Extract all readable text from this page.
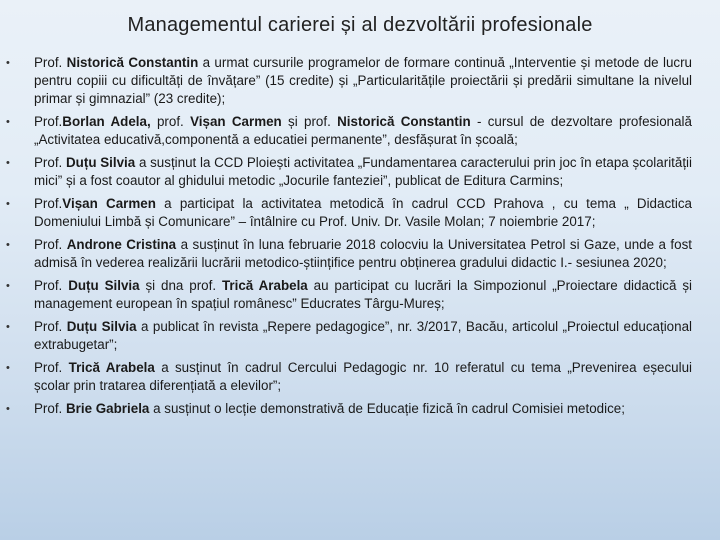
Managementul carierei și al dezvoltării profesionale
•	Prof. Nistorică Constantin a urmat cursurile programelor de formare continuă „Interventie și metode de lucru pentru copiii cu dificultăți de învățare” (15 credite) și „Particularitățile proiectării și predării simultane la nivelul primar și gimnazial” (23 credite);
•	Prof.Borlan Adela, prof. Vișan Carmen și prof. Nistorică Constantin - cursul de dezvoltare profesională „Activitatea educativă,componentă a educatiei permanente”, desfășurat în școală;
•	Prof. Duțu Silvia a susținut la CCD Ploiești activitatea „Fundamentarea caracterului prin joc în etapa școlarității mici” și a fost coautor al ghidului metodic „Jocurile fanteziei”, publicat de Editura Carmins;
•	Prof.Vișan Carmen a participat la activitatea metodică în cadrul CCD Prahova , cu tema „ Didactica Domeniului Limbă și Comunicare” – întâlnire cu Prof. Univ. Dr. Vasile Molan; 7 noiembrie 2017;
•	Prof. Androne Cristina a susținut în luna februarie 2018 colocviu la Universitatea Petrol si Gaze, unde a fost admisă în vederea realizării lucrării metodico-științifice pentru obținerea gradului didactic I.- sesiunea 2020;
•	Prof. Duțu Silvia și dna prof. Trică Arabela au participat cu lucrări la Simpozionul „Proiectare didactică și management european în spațiul românesc” Educrates Târgu-Mureș;
•	Prof. Duțu Silvia a publicat în revista „Repere pedagogice”, nr. 3/2017, Bacău, articolul „Proiectul educațional extrabugetar”;
•	Prof. Trică Arabela a susținut în cadrul Cercului Pedagogic nr. 10 referatul cu tema „Prevenirea eșecului școlar prin tratarea diferențiată a elevilor”;
•	Prof. Brie Gabriela a susținut o lecție demonstrativă de Educație fizică în cadrul Comisiei metodice;
